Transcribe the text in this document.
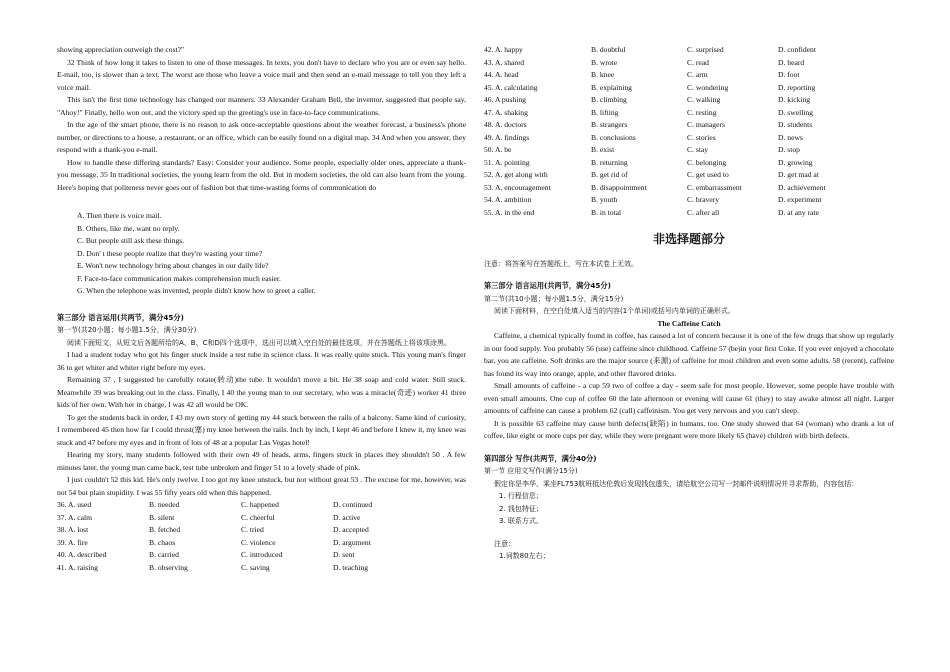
showing appreciation outweigh the cost?"

32 Think of how long it takes to listen to one of those messages. In texts, you don't have to declare who you are or even say hello. E-mail, too, is slower than a text. The worst are those who leave a voice mail and then send an e-mail message to tell you they left a voice mail.

This isn't the first time technology has changed our manners. 33 Alexander Graham Bell, the inventor, suggested that people say, "Ahoy!" Finally, hello won out, and the victory sped up the greeting's use in face-to-face communications.

In the age of the smart phone, there is no reason to ask once-acceptable questions about the weather forecast, a business's phone number, or directions to a house, a restaurant, or an office, which can be easily found on a digital map. 34 And when you answer, they respond with a thank-you e-mail.

How to handle these differing standards? Easy: Consider your audience. Some people, especially older ones, appreciate a thank-you message. 35 In traditional societies, the young learn from the old. But in modern societies, the old can also learn from the young. Here's hoping that politeness never goes out of fashion but that time-wasting forms of communication do

A. Then there is voice mail.

B. Others, like me, want no reply.

C. But people still ask these things.

D. Don' t these people realize that they're wasting your time?

E. Won't new technology bring about changes in our daily life?

F. Face-to-face communication makes comprehension much easier.

G. When the telephone was invented, people didn't know how to greet a caller.

第三部分 语言运用(共两节，满分45分)

第一节(共20小题；每小题1.5分，满分30分)

阅读下面短文，从短文后各题所给的A、B、C和D四个选项中，选出可以填入空白处的最佳选项，并在答题纸上将该项涂黑。

I had a student today who got his finger stuck inside a test tube in science class. It was really quite stuck. This young man's finger 36 to get whiter and whiter right before my eyes.

Remaining 37 , I suggested he carefully rotate(转动)the tube. It wouldn't move a bit. He 38 soap and cold water. Still stuck. Meanwhile 39 was breaking out in the class. Finally, I 40 the young man to our secretary, who was a miracle(奇迹) worker 41 three kids of her own. With her in charge, I was 42 all would be OK.

To get the students back in order, I 43 my own story of getting my 44 stuck between the rails of a balcony. Same kind of curiosity, I remembered 45 then how far I could thrust(塞) my knee between the rails. Inch by inch, I kept 46 and before I knew it, my knee was stuck and 47 before my eyes and in front of lots of 48 at a popular Las Vegas hotel!

Hearing my story, many students followed with their own 49 of heads, arms, fingers stuck in places they shouldn't 50 . A few minutes later, the young man came back, test tube unbroken and finger 51 to a lovely shade of pink.

I just couldn't 52 this kid. He's only twelve. I too got my knee unstuck, but not without great 53 . The excuse for me, however, was not 54 but plain stupidity. I was 55 fifty years old when this happened.

36. A. used	B. needed	C. happened	D. continued
37. A. calm	B. silent	C. cheerful	D. active
38. A. lost	B. fetched	C. tried	D. accepted
39. A. fire	B. chaos	C. violence	D. argument
40. A. described	B. carried	C. introduced	D. sent
41. A. raising	B. observing	C. saving	D. teaching
42. A. happy	B. doubtful	C. surprised	D. confident
43. A. shared	B. wrote	C. read	D. heard
44. A. head	B. knee	C. arm	D. foot
45. A. calculating	B. explaining	C. wondering	D. reporting
46. A pushing	B. climbing	C. walking	D. kicking
47. A. shaking	B. lifting	C. resting	D. swelling
48. A. doctors	B. strangers	C. managers	D. students
49. A. findings	B. conclusions	C. stories	D. news
50. A. be	B. exist	C. stay	D. stop
51. A. pointing	B. returning	C. belonging	D. growing
52. A. get along with	B. get rid of	C. get used to	D. get mad at
53. A. encouragement	B. disappointment	C. embarrassment	D. achievement
54. A. ambition	B. youth	C. bravery	D. experiment
55. A. in the end	B. in total	C. after all	D. at any rate
非选择题部分

注意：将答案写在答题纸上，写在本试卷上无效。

第三部分 语言运用(共两节，满分45分)

第二节(共10小题；每小题1.5分，满分15分)

阅读下面材料，在空白处填入适当的内容(1个单词)或括号内单词的正确形式。

The Caffeine Catch

Caffeine, a chemical typically found in coffee, has caused a lot of concern because it is one of the few drugs that show up regularly in our food supply. You probably 56 (use) caffeine since childhood. Caffeine 57 (be)in your first Coke. If you ever enjoyed a chocolate bar, you ate caffeine. Soft drinks are the major source (来源) of caffeine for most children and even some adults. 58 (recent), caffeine has found its way into orange, apple, and other flavored drinks.

Small amounts of caffeine - a cup 59 two of coffee a day - seem safe for most people. However, some people have trouble with even small amounts. One cup of coffee 60 the late afternoon or evening will cause 61 (they) to stay awake almost all night. Larger amounts of caffeine can cause a problem 62 (call) caffeinism. You get very nervous and you can't sleep.

It is possible 63 caffeine may cause birth defects(缺陷) in humans, too. One study showed that 64 (woman) who drank a lot of coffee, like eight or more cups per day, while they were pregnant were more likely 65 (have) children with birth defects.

第四部分 写作(共两节，满分40分)

第一节 应用文写作(满分15分)

假定你是李华，乘坐FL753航班抵达伦敦后发现钱包遗失，请给航空公司写一封邮件说明情况并寻求帮助，内容包括：

1. 行程信息；

2. 钱包特征；

3. 联系方式。

注意：

1.词数80左右；
